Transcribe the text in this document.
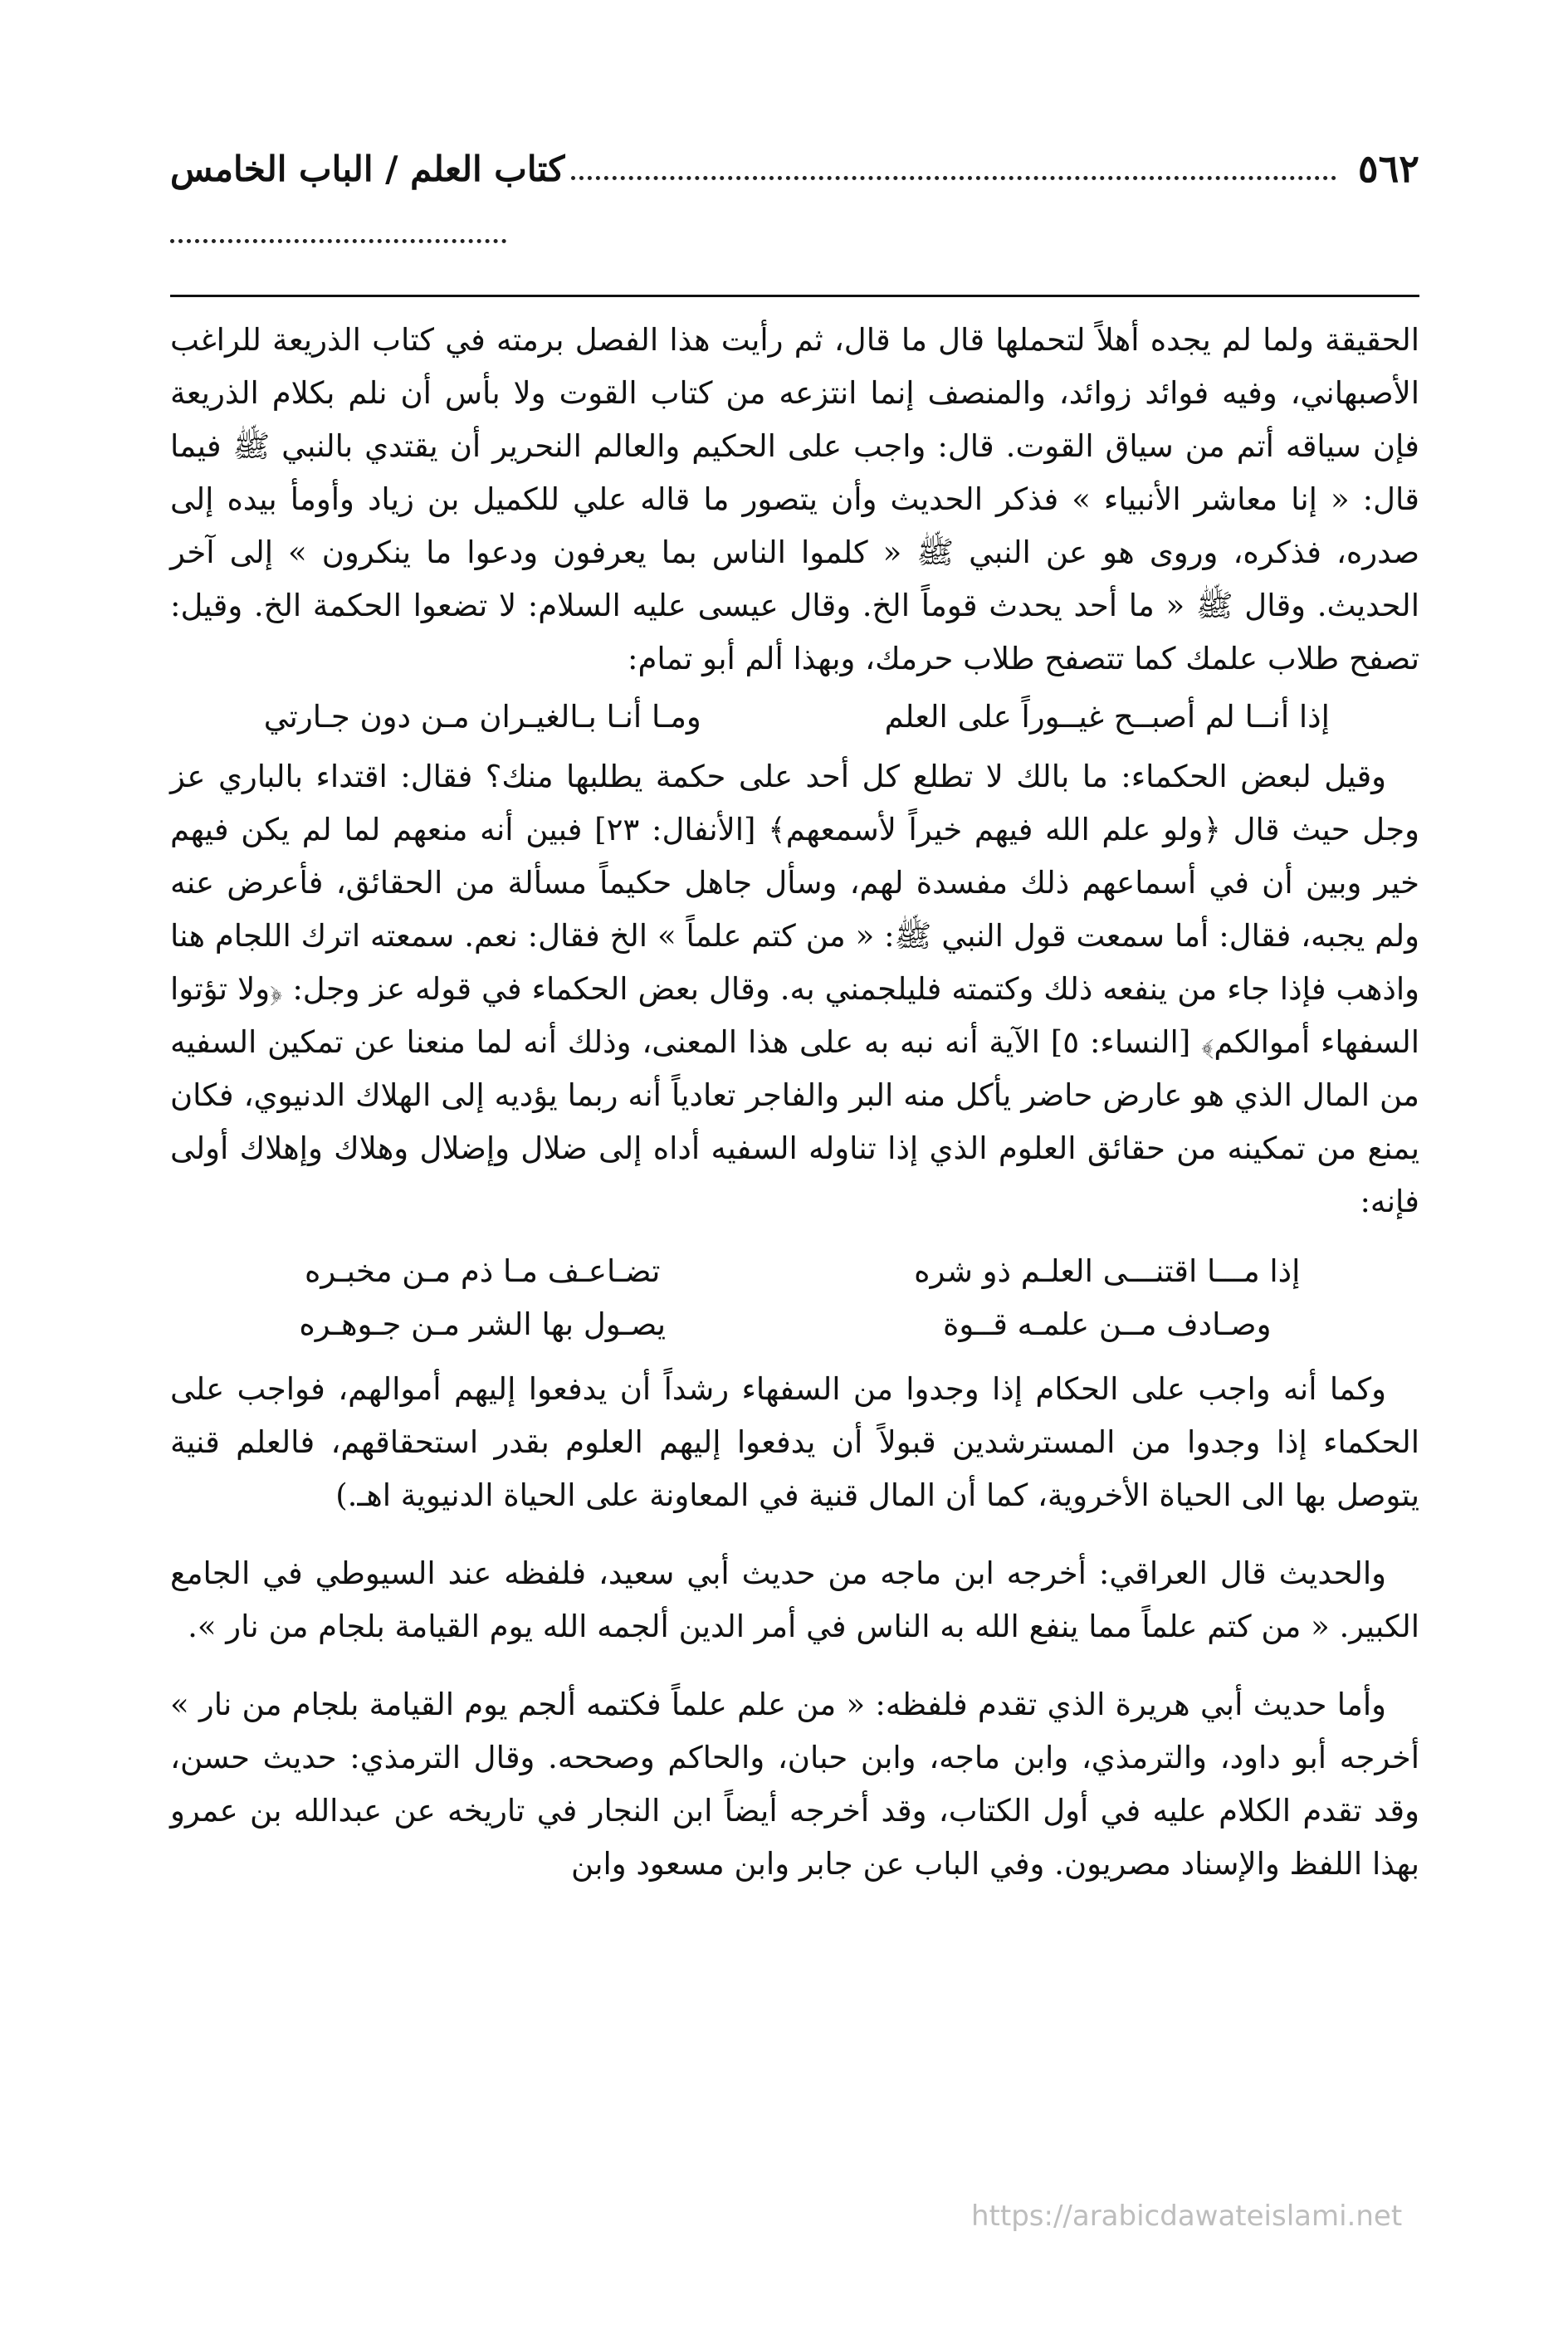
٥٦٢
كتاب العلم / الباب الخامس

الحقيقة ولما لم يجده أهلاً لتحملها قال ما قال، ثم رأيت هذا الفصل برمته في كتاب الذريعة للراغب الأصبهاني، وفيه فوائد زوائد، والمنصف إنما انتزعه من كتاب القوت ولا بأس أن نلم بكلام الذريعة فإن سياقه أتم من سياق القوت. قال: واجب على الحكيم والعالم النحرير أن يقتدي بالنبي ﷺ فيما قال: « إنا معاشر الأنبياء » فذكر الحديث وأن يتصور ما قاله علي للكميل بن زياد وأومأ بيده إلى صدره، فذكره، وروى هو عن النبي ﷺ « كلموا الناس بما يعرفون ودعوا ما ينكرون » إلى آخر الحديث. وقال ﷺ « ما أحد يحدث قوماً الخ. وقال عيسى عليه السلام: لا تضعوا الحكمة الخ. وقيل: تصفح طلاب علمك كما تتصفح طلاب حرمك، وبهذا ألم أبو تمام:

إذا أنــا لم أصبــح غيــوراً على العلم
ومـا أنـا بـالغيـران مـن دون جـارتي

وقيل لبعض الحكماء: ما بالك لا تطلع كل أحد على حكمة يطلبها منك؟ فقال: اقتداء بالباري عز وجل حيث قال ﴿ولو علم الله فيهم خيراً لأسمعهم﴾ [الأنفال: ٢٣] فبين أنه منعهم لما لم يكن فيهم خير وبين أن في أسماعهم ذلك مفسدة لهم، وسأل جاهل حكيماً مسألة من الحقائق، فأعرض عنه ولم يجبه، فقال: أما سمعت قول النبي ﷺ: « من كتم علماً » الخ فقال: نعم. سمعته اترك اللجام هنا واذهب فإذا جاء من ينفعه ذلك وكتمته فليلجمني به. وقال بعض الحكماء في قوله عز وجل: ﴿ولا تؤتوا السفهاء أموالكم﴾ [النساء: ٥] الآية أنه نبه به على هذا المعنى، وذلك أنه لما منعنا عن تمكين السفيه من المال الذي هو عارض حاضر يأكل منه البر والفاجر تعادياً أنه ربما يؤديه إلى الهلاك الدنيوي، فكان يمنع من تمكينه من حقائق العلوم الذي إذا تناوله السفيه أداه إلى ضلال وإضلال وهلاك وإهلاك أولى فإنه:

إذا مـــا اقتنـــى العلـم ذو شره
تضـاعـف مـا ذم مـن مخبـره
وصـادف مــن علمـه قــوة
يصـول بها الشر مـن جـوهـره

وكما أنه واجب على الحكام إذا وجدوا من السفهاء رشداً أن يدفعوا إليهم أموالهم، فواجب على الحكماء إذا وجدوا من المسترشدين قبولاً أن يدفعوا إليهم العلوم بقدر استحقاقهم، فالعلم قنية يتوصل بها الى الحياة الأخروية، كما أن المال قنية في المعاونة على الحياة الدنيوية اهـ.)

والحديث قال العراقي: أخرجه ابن ماجه من حديث أبي سعيد، فلفظه عند السيوطي في الجامع الكبير. « من كتم علماً مما ينفع الله به الناس في أمر الدين ألجمه الله يوم القيامة بلجام من نار ».

وأما حديث أبي هريرة الذي تقدم فلفظه: « من علم علماً فكتمه ألجم يوم القيامة بلجام من نار » أخرجه أبو داود، والترمذي، وابن ماجه، وابن حبان، والحاكم وصححه. وقال الترمذي: حديث حسن، وقد تقدم الكلام عليه في أول الكتاب، وقد أخرجه أيضاً ابن النجار في تاريخه عن عبدالله بن عمرو بهذا اللفظ والإسناد مصريون. وفي الباب عن جابر وابن مسعود وابن

https://arabicdawateislami.net
